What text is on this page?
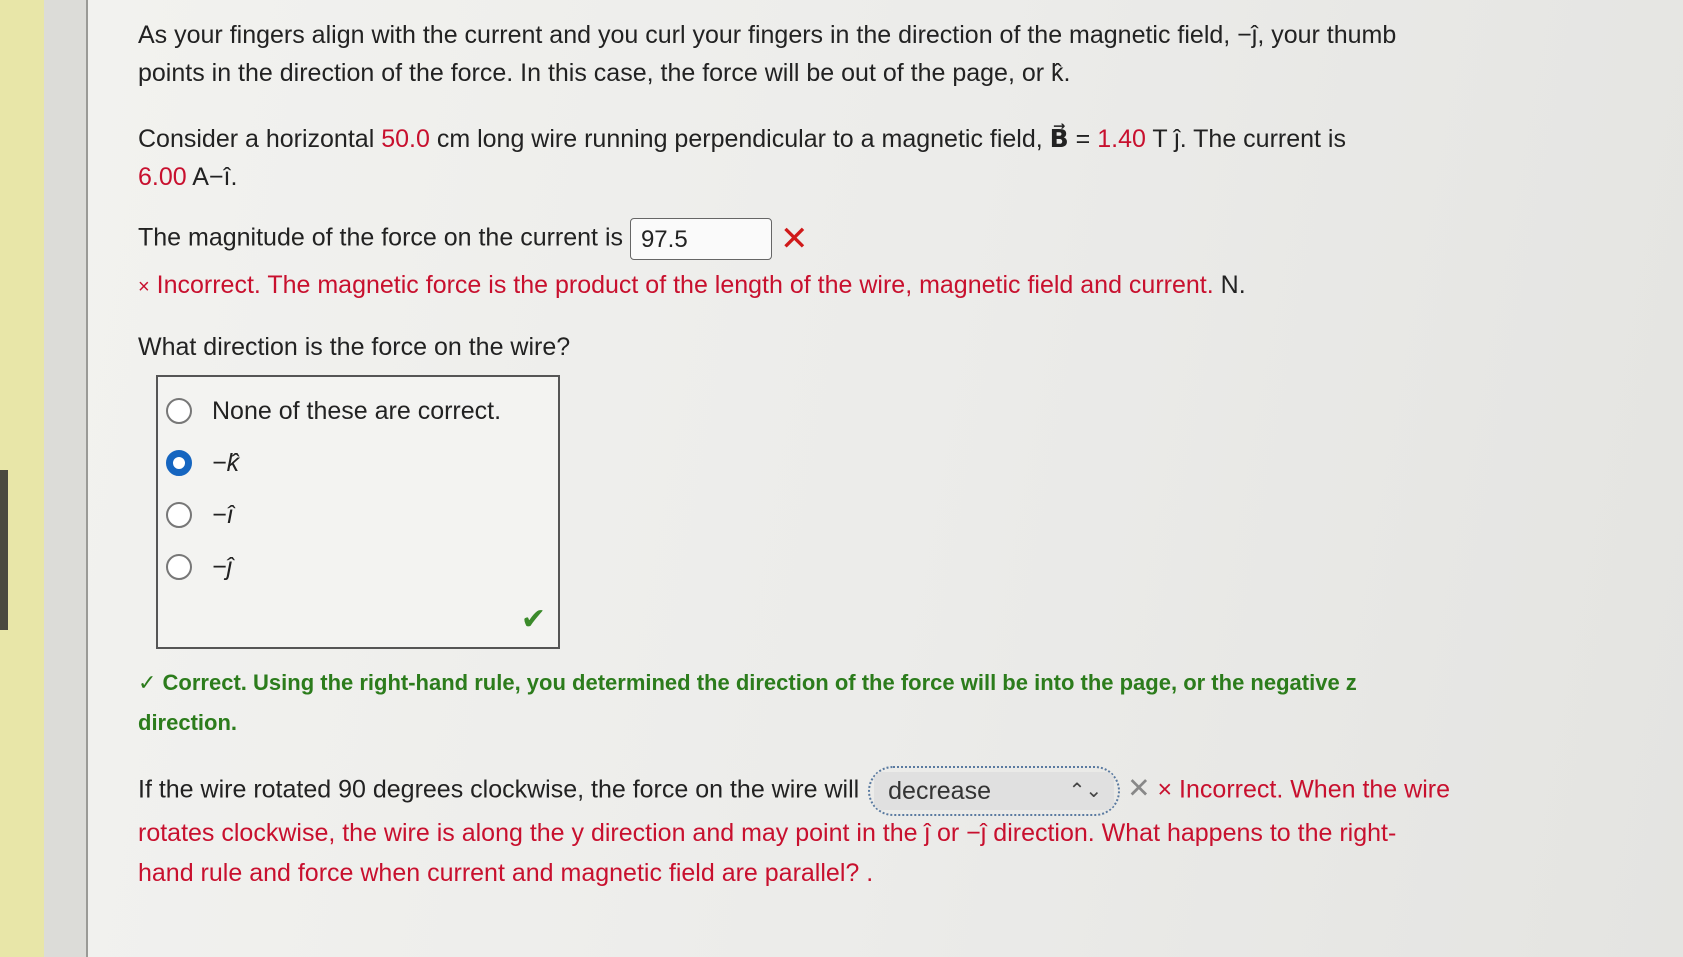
As your fingers align with the current and you curl your fingers in the direction of the magnetic field, −ĵ, your thumb
points in the direction of the force. In this case, the force will be out of the page, or k̂.
Consider a horizontal 50.0 cm long wire running perpendicular to a magnetic field, B⃗ = 1.40 T ĵ. The current is
6.00 A−î.
The magnitude of the force on the current is 97.5	✕
× Incorrect. The magnetic force is the product of the length of the wire, magnetic field and current. N.
What direction is the force on the wire?
None of these are correct.
−k̂
−î
−ĵ
✔
✓ Correct. Using the right-hand rule, you determined the direction of the force will be into the page, or the negative z
direction.
If the wire rotated 90 degrees clockwise, the force on the wire will decrease	⌃⌄ ✕ × Incorrect. When the wire
rotates clockwise, the wire is along the y direction and may point in the ĵ or −ĵ direction. What happens to the right-
hand rule and force when current and magnetic field are parallel? .
